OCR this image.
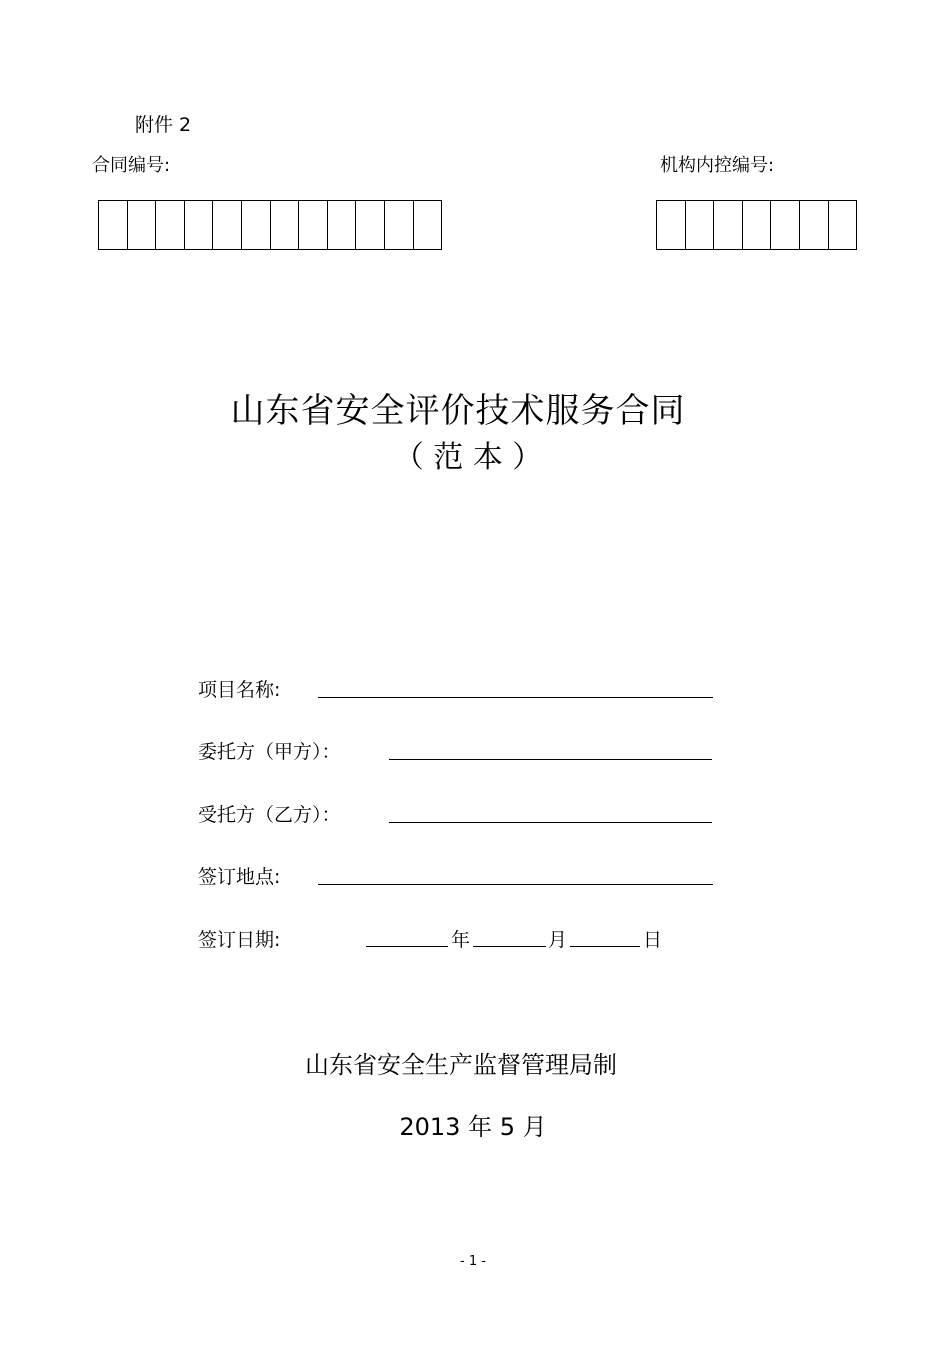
附件 2
合同编号:	机构内控编号:
山东省安全评价技术服务合同
（ 范 本 ）
项目名称:
委托方（甲方）：
受托方（乙方）：
签订地点:
签订日期:	年	月	日
山东省安全生产监督管理局制
2013 年 5 月
- 1 -
